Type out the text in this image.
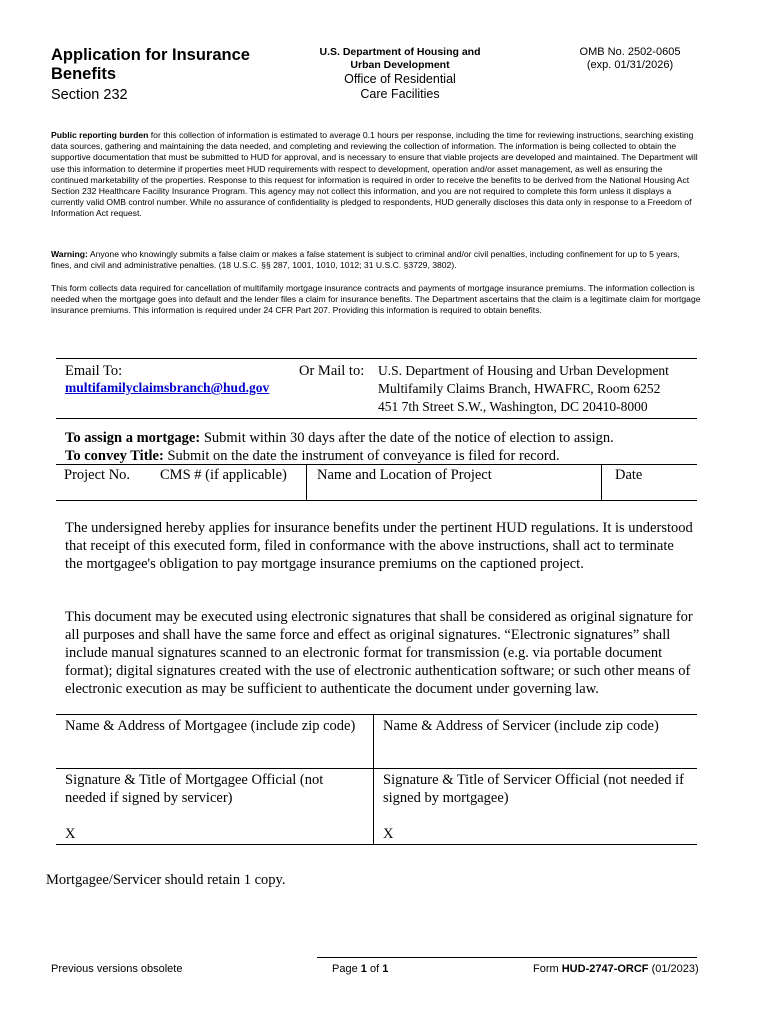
Application for Insurance Benefits
Section 232
U.S. Department of Housing and
Urban Development
Office of Residential
Care Facilities
OMB No. 2502-0605
(exp. 01/31/2026)

Public reporting burden for this collection of information is estimated to average 0.1 hours per response, including the time for reviewing instructions, searching existing data sources, gathering and maintaining the data needed, and completing and reviewing the collection of information. The information is being collected to obtain the supportive documentation that must be submitted to HUD for approval, and is necessary to ensure that viable projects are developed and maintained. The Department will use this information to determine if properties meet HUD requirements with respect to development, operation and/or asset management, as well as ensuring the continued marketability of the properties. Response to this request for information is required in order to receive the benefits to be derived from the National Housing Act Section 232 Healthcare Facility Insurance Program. This agency may not collect this information, and you are not required to complete this form unless it displays a currently valid OMB control number. While no assurance of confidentiality is pledged to respondents, HUD generally discloses this data only in response to a Freedom of Information Act request.

Warning: Anyone who knowingly submits a false claim or makes a false statement is subject to criminal and/or civil penalties, including confinement for up to 5 years, fines, and civil and administrative penalties. (18 U.S.C. §§ 287, 1001, 1010, 1012; 31 U.S.C. §3729, 3802).

This form collects data required for cancellation of multifamily mortgage insurance contracts and payments of mortgage insurance premiums. The information collection is needed when the mortgage goes into default and the lender files a claim for insurance benefits. The Department ascertains that the claim is a legitimate claim for mortgage insurance premiums. This information is required under 24 CFR Part 207. Providing this information is required to obtain benefits.

Email To:
multifamilyclaimsbranch@hud.gov
Or Mail to: U.S. Department of Housing and Urban Development
Multifamily Claims Branch, HWAFRC, Room 6252
451 7th Street S.W., Washington, DC 20410-8000
To assign a mortgage: Submit within 30 days after the date of the notice of election to assign.
To convey Title: Submit on the date the instrument of conveyance is filed for record.
Project No. CMS # (if applicable) Name and Location of Project	Date

The undersigned hereby applies for insurance benefits under the pertinent HUD regulations. It is understood that receipt of this executed form, filed in conformance with the above instructions, shall act to terminate the mortgagee's obligation to pay mortgage insurance premiums on the captioned project.

This document may be executed using electronic signatures that shall be considered as original signature for all purposes and shall have the same force and effect as original signatures. “Electronic signatures” shall include manual signatures scanned to an electronic format for transmission (e.g. via portable document format); digital signatures created with the use of electronic authentication software; or such other means of electronic execution as may be sufficient to authenticate the document under governing law.

Name & Address of Mortgagee (include zip code) Name & Address of Servicer (include zip code)
Signature & Title of Mortgagee Official (not needed if signed by servicer)
Signature & Title of Servicer Official (not needed if signed by mortgagee)
X	X
Mortgagee/Servicer should retain 1 copy.
Previous versions obsolete	Page 1 of 1	Form HUD-2747-ORCF (01/2023)
